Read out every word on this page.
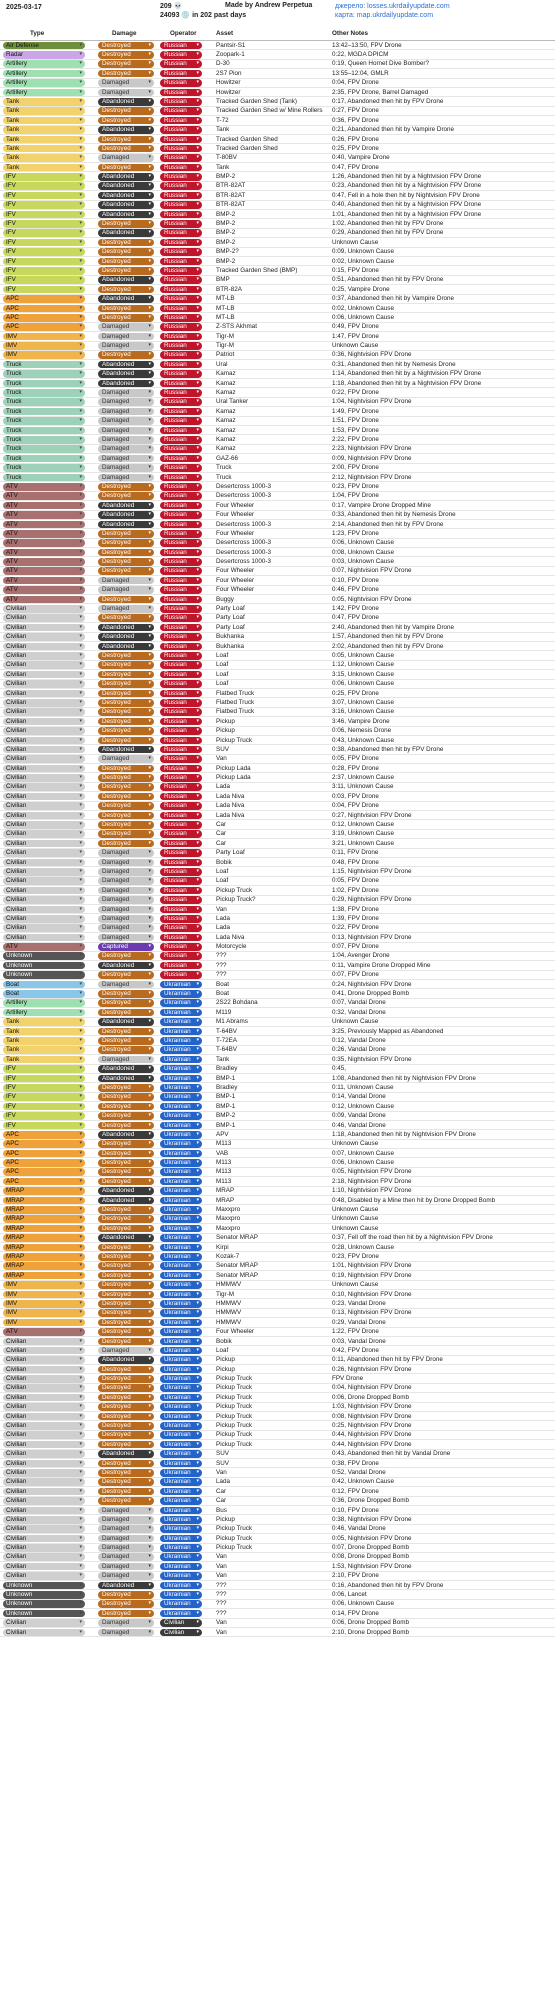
2025-03-17	209 💀
24093 💿 in 202 past days
Made by Andrew Perpetua	джерело: losses.ukrdailyupdate.com
карта: map.ukrdailyupdate.com
Type	Damage	Operator	Asset	Other Notes
Air Defense	▾	Destroyed	▾	Russian ▾	Pantsir-S1	13:42–13:50, FPV Drone
Radar	▾	Destroyed	▾	Russian ▾	Zoopark-1	0:22, MGDA DPICM
Artillery	▾	Destroyed	▾	Russian ▾	D-30	0:19, Queen Hornet Dive Bomber?
Artillery	▾	Destroyed	▾	Russian ▾	2S7 Pion	13:55–12:04, GMLR
Artillery	▾	Damaged	▾	Russian ▾	Howitzer	0:04, FPV Drone
Artillery	▾	Damaged	▾	Russian ▾	Howitzer	2:35, FPV Drone, Barrel Damaged
Tank	▾	Abandoned	▾	Russian ▾	Tracked Garden Shed (Tank)	0:17, Abandoned then hit by FPV Drone
Tank	▾	Destroyed	▾	Russian ▾	Tracked Garden Shed w/ Mine Rollers	0:27, FPV Drone
Tank	▾	Destroyed	▾	Russian ▾	T-72	0:36, FPV Drone
Tank	▾	Abandoned	▾	Russian ▾	Tank	0:21, Abandoned then hit by Vampire Drone
Tank	▾	Destroyed	▾	Russian ▾	Tracked Garden Shed	0:26, FPV Drone
Tank	▾	Destroyed	▾	Russian ▾	Tracked Garden Shed	0:25, FPV Drone
Tank	▾	Damaged	▾	Russian ▾	T-80BV	0:40, Vampire Drone
Tank	▾	Destroyed	▾	Russian ▾	Tank	0:47, FPV Drone
IFV	▾	Abandoned	▾	Russian ▾	BMP-2	1:26, Abandoned then hit by a Nightvision FPV Drone
IFV	▾	Abandoned	▾	Russian ▾	BTR-82AT	0:23, Abandoned then hit by a Nightvision FPV Drone
IFV	▾	Abandoned	▾	Russian ▾	BTR-82AT	0:47, Fell in a hole then hit by Nightvision FPV Drone
IFV	▾	Abandoned	▾	Russian ▾	BTR-82AT	0:40, Abandoned then hit by a Nightvision FPV Drone
IFV	▾	Abandoned	▾	Russian ▾	BMP-2	1:01, Abandoned then hit by a Nightvision FPV Drone
IFV	▾	Destroyed	▾	Russian ▾	BMP-2	1:02, Abandoned then hit by FPV Drone
IFV	▾	Abandoned	▾	Russian ▾	BMP-2	0:29, Abandoned then hit by FPV Drone
IFV	▾	Destroyed	▾	Russian ▾	BMP-2	Unknown Cause
IFV	▾	Destroyed	▾	Russian ▾	BMP-2?	0:09, Unknown Cause
IFV	▾	Destroyed	▾	Russian ▾	BMP-2	0:02, Unknown Cause
IFV	▾	Destroyed	▾	Russian ▾	Tracked Garden Shed (BMP)	0:15, FPV Drone
IFV	▾	Abandoned	▾	Russian ▾	BMP	0:51, Abandoned then hit by FPV Drone
IFV	▾	Destroyed	▾	Russian ▾	BTR-82A	0:25, Vampire Drone
APC	▾	Abandoned	▾	Russian ▾	MT-LB	0:37, Abandoned then hit by Vampire Drone
APC	▾	Destroyed	▾	Russian ▾	MT-LB	0:02, Unknown Cause
APC	▾	Destroyed	▾	Russian ▾	MT-LB	0:06, Unknown Cause
APC	▾	Damaged	▾	Russian ▾	Z-STS Akhmat	0:49, FPV Drone
IMV	▾	Damaged	▾	Russian ▾	Tigr-M	1:47, FPV Drone
IMV	▾	Damaged	▾	Russian ▾	Tigr-M	Unknown Cause
IMV	▾	Destroyed	▾	Russian ▾	Patriot	0:36, Nightvision FPV Drone
Truck	▾	Abandoned	▾	Russian ▾	Ural	0:31, Abandoned then hit by Nemesis Drone
Truck	▾	Abandoned	▾	Russian ▾	Kamaz	1:14, Abandoned then hit by a Nightvision FPV Drone
Truck	▾	Abandoned	▾	Russian ▾	Kamaz	1:18, Abandoned then hit by a Nightvision FPV Drone
Truck	▾	Damaged	▾	Russian ▾	Kamaz	0:22, FPV Drone
Truck	▾	Damaged	▾	Russian ▾	Ural Tanker	1:04, Nightvision FPV Drone
Truck	▾	Damaged	▾	Russian ▾	Kamaz	1:49, FPV Drone
Truck	▾	Damaged	▾	Russian ▾	Kamaz	1:51, FPV Drone
Truck	▾	Damaged	▾	Russian ▾	Kamaz	1:53, FPV Drone
Truck	▾	Damaged	▾	Russian ▾	Kamaz	2:22, FPV Drone
Truck	▾	Damaged	▾	Russian ▾	Kamaz	2:23, Nightvision FPV Drone
Truck	▾	Damaged	▾	Russian ▾	GAZ-66	0:09, Nightvision FPV Drone
Truck	▾	Damaged	▾	Russian ▾	Truck	2:00, FPV Drone
Truck	▾	Damaged	▾	Russian ▾	Truck	2:12, Nightvision FPV Drone
ATV	▾	Destroyed	▾	Russian ▾	Desertcross 1000-3	0:23, FPV Drone
ATV	▾	Destroyed	▾	Russian ▾	Desertcross 1000-3	1:04, FPV Drone
ATV	▾	Abandoned	▾	Russian ▾	Four Wheeler	0:17, Vampire Drone Dropped Mine
ATV	▾	Abandoned	▾	Russian ▾	Four Wheeler	0:33, Abandoned then hit by Nemesis Drone
ATV	▾	Abandoned	▾	Russian ▾	Desertcross 1000-3	2:14, Abandoned then hit by FPV Drone
ATV	▾	Destroyed	▾	Russian ▾	Four Wheeler	1:23, FPV Drone
ATV	▾	Destroyed	▾	Russian ▾	Desertcross 1000-3	0:06, Unknown Cause
ATV	▾	Destroyed	▾	Russian ▾	Desertcross 1000-3	0:08, Unknown Cause
ATV	▾	Destroyed	▾	Russian ▾	Desertcross 1000-3	0:03, Unknown Cause
ATV	▾	Destroyed	▾	Russian ▾	Four Wheeler	0:07, Nightvision FPV Drone
ATV	▾	Damaged	▾	Russian ▾	Four Wheeler	0:10, FPV Drone
ATV	▾	Damaged	▾	Russian ▾	Four Wheeler	0:46, FPV Drone
ATV	▾	Destroyed	▾	Russian ▾	Buggy	0:05, Nightvision FPV Drone
Civilian	▾	Damaged	▾	Russian ▾	Party Loaf	1:42, FPV Drone
Civilian	▾	Destroyed	▾	Russian ▾	Party Loaf	0:47, FPV Drone
Civilian	▾	Abandoned	▾	Russian ▾	Party Loaf	2:40, Abandoned then hit by Vampire Drone
Civilian	▾	Abandoned	▾	Russian ▾	Bukhanka	1:57, Abandoned then hit by FPV Drone
Civilian	▾	Abandoned	▾	Russian ▾	Bukhanka	2:02, Abandoned then hit by FPV Drone
Civilian	▾	Destroyed	▾	Russian ▾	Loaf	0:05, Unknown Cause
Civilian	▾	Destroyed	▾	Russian ▾	Loaf	1:12, Unknown Cause
Civilian	▾	Destroyed	▾	Russian ▾	Loaf	3:15, Unknown Cause
Civilian	▾	Destroyed	▾	Russian ▾	Loaf	0:06, Unknown Cause
Civilian	▾	Destroyed	▾	Russian ▾	Flatbed Truck	0:25, FPV Drone
Civilian	▾	Destroyed	▾	Russian ▾	Flatbed Truck	3:07, Unknown Cause
Civilian	▾	Destroyed	▾	Russian ▾	Flatbed Truck	3:16, Unknown Cause
Civilian	▾	Destroyed	▾	Russian ▾	Pickup	3:46, Vampire Drone
Civilian	▾	Destroyed	▾	Russian ▾	Pickup	0:06, Nemesis Drone
Civilian	▾	Destroyed	▾	Russian ▾	Pickup Truck	0:43, Unknown Cause
Civilian	▾	Abandoned	▾	Russian ▾	SUV	0:38, Abandoned then hit by FPV Drone
Civilian	▾	Damaged	▾	Russian ▾	Van	0:05, FPV Drone
Civilian	▾	Destroyed	▾	Russian ▾	Pickup Lada	0:28, FPV Drone
Civilian	▾	Destroyed	▾	Russian ▾	Pickup Lada	2:37, Unknown Cause
Civilian	▾	Destroyed	▾	Russian ▾	Lada	3:11, Unknown Cause
Civilian	▾	Destroyed	▾	Russian ▾	Lada Niva	0:03, FPV Drone
Civilian	▾	Destroyed	▾	Russian ▾	Lada Niva	0:04, FPV Drone
Civilian	▾	Destroyed	▾	Russian ▾	Lada Niva	0:27, Nightvision FPV Drone
Civilian	▾	Destroyed	▾	Russian ▾	Car	0:12, Unknown Cause
Civilian	▾	Destroyed	▾	Russian ▾	Car	3:19, Unknown Cause
Civilian	▾	Destroyed	▾	Russian ▾	Car	3:21, Unknown Cause
Civilian	▾	Damaged	▾	Russian ▾	Party Loaf	0:11, FPV Drone
Civilian	▾	Damaged	▾	Russian ▾	Bobik	0:48, FPV Drone
Civilian	▾	Damaged	▾	Russian ▾	Loaf	1:15, Nightvision FPV Drone
Civilian	▾	Damaged	▾	Russian ▾	Loaf	0:05, FPV Drone
Civilian	▾	Damaged	▾	Russian ▾	Pickup Truck	1:02, FPV Drone
Civilian	▾	Damaged	▾	Russian ▾	Pickup Truck?	0:29, Nightvision FPV Drone
Civilian	▾	Damaged	▾	Russian ▾	Van	1:38, FPV Drone
Civilian	▾	Damaged	▾	Russian ▾	Lada	1:39, FPV Drone
Civilian	▾	Damaged	▾	Russian ▾	Lada	0:22, FPV Drone
Civilian	▾	Damaged	▾	Russian ▾	Lada Niva	0:13, Nightvision FPV Drone
ATV	▾	Captured	▾	Russian ▾	Motorcycle	0:07, FPV Drone
Unknown	▾	Destroyed	▾	Russian ▾	???	1:04, Avenger Drone
Unknown	▾	Abandoned	▾	Russian ▾	???	0:11, Vampire Drone Dropped Mine
Unknown	▾	Destroyed	▾	Russian ▾	???	0:07, FPV Drone
Boat	▾	Damaged	▾	Ukrainian ▾	Boat	0:24, Nightvision FPV Drone
Boat	▾	Destroyed	▾	Ukrainian ▾	Boat	0:41, Drone Dropped Bomb
Artillery	▾	Destroyed	▾	Ukrainian ▾	2S22 Bohdana	0:07, Vandal Drone
Artillery	▾	Destroyed	▾	Ukrainian ▾	M119	0:32, Vandal Drone
Tank	▾	Abandoned	▾	Ukrainian ▾	M1 Abrams	Unknown Cause
Tank	▾	Destroyed	▾	Ukrainian ▾	T-64BV	3:25, Previously Mapped as Abandoned
Tank	▾	Destroyed	▾	Ukrainian ▾	T-72EA	0:12, Vandal Drone
Tank	▾	Destroyed	▾	Ukrainian ▾	T-64BV	0:26, Vandal Drone
Tank	▾	Damaged	▾	Ukrainian ▾	Tank	0:35, Nightvision FPV Drone
IFV	▾	Abandoned	▾	Ukrainian ▾	Bradley	0:45,
IFV	▾	Abandoned	▾	Ukrainian ▾	BMP-1	1:08, Abandoned then hit by Nightvision FPV Drone
IFV	▾	Destroyed	▾	Ukrainian ▾	Bradley	0:11, Unknown Cause
IFV	▾	Destroyed	▾	Ukrainian ▾	BMP-1	0:14, Vandal Drone
IFV	▾	Destroyed	▾	Ukrainian ▾	BMP-1	0:12, Unknown Cause
IFV	▾	Destroyed	▾	Ukrainian ▾	BMP-2	0:09, Vandal Drone
IFV	▾	Destroyed	▾	Ukrainian ▾	BMP-1	0:46, Vandal Drone
APC	▾	Abandoned	▾	Ukrainian ▾	APV	1:18, Abandoned then hit by Nightvision FPV Drone
APC	▾	Destroyed	▾	Ukrainian ▾	M113	Unknown Cause
APC	▾	Destroyed	▾	Ukrainian ▾	VAB	0:07, Unknown Cause
APC	▾	Destroyed	▾	Ukrainian ▾	M113	0:06, Unknown Cause
APC	▾	Destroyed	▾	Ukrainian ▾	M113	0:05, Nightvision FPV Drone
APC	▾	Destroyed	▾	Ukrainian ▾	M113	2:18, Nightvision FPV Drone
MRAP	▾	Abandoned	▾	Ukrainian ▾	MRAP	1:10, Nightvision FPV Drone
MRAP	▾	Abandoned	▾	Ukrainian ▾	MRAP	0:48, Disabled by a Mine then hit by Drone Dropped Bomb
MRAP	▾	Destroyed	▾	Ukrainian ▾	Maxxpro	Unknown Cause
MRAP	▾	Destroyed	▾	Ukrainian ▾	Maxxpro	Unknown Cause
MRAP	▾	Destroyed	▾	Ukrainian ▾	Maxxpro	Unknown Cause
MRAP	▾	Abandoned	▾	Ukrainian ▾	Senator MRAP	0:37, Fell off the road then hit by a Nightvision FPV Drone
MRAP	▾	Destroyed	▾	Ukrainian ▾	Kirpi	0:28, Unknown Cause
MRAP	▾	Destroyed	▾	Ukrainian ▾	Kozak-7	0:23, FPV Drone
MRAP	▾	Destroyed	▾	Ukrainian ▾	Senator MRAP	1:01, Nightvision FPV Drone
MRAP	▾	Destroyed	▾	Ukrainian ▾	Senator MRAP	0:19, Nightvision FPV Drone
IMV	▾	Destroyed	▾	Ukrainian ▾	HMMWV	Unknown Cause
IMV	▾	Destroyed	▾	Ukrainian ▾	Tigr-M	0:10, Nightvision FPV Drone
IMV	▾	Destroyed	▾	Ukrainian ▾	HMMWV	0:23, Vandal Drone
IMV	▾	Destroyed	▾	Ukrainian ▾	HMMWV	0:13, Nightvision FPV Drone
IMV	▾	Destroyed	▾	Ukrainian ▾	HMMWV	0:29, Vandal Drone
ATV	▾	Destroyed	▾	Ukrainian ▾	Four Wheeler	1:22, FPV Drone
Civilian	▾	Destroyed	▾	Ukrainian ▾	Bobik	0:03, Vandal Drone
Civilian	▾	Damaged	▾	Ukrainian ▾	Loaf	0:42, FPV Drone
Civilian	▾	Abandoned	▾	Ukrainian ▾	Pickup	0:11, Abandoned then hit by FPV Drone
Civilian	▾	Destroyed	▾	Ukrainian ▾	Pickup	0:26, Nightvision FPV Drone
Civilian	▾	Destroyed	▾	Ukrainian ▾	Pickup Truck	FPV Drone
Civilian	▾	Destroyed	▾	Ukrainian ▾	Pickup Truck	0:04, Nightvision FPV Drone
Civilian	▾	Destroyed	▾	Ukrainian ▾	Pickup Truck	0:06, Drone Dropped Bomb
Civilian	▾	Destroyed	▾	Ukrainian ▾	Pickup Truck	1:03, Nightvision FPV Drone
Civilian	▾	Destroyed	▾	Ukrainian ▾	Pickup Truck	0:08, Nightvision FPV Drone
Civilian	▾	Destroyed	▾	Ukrainian ▾	Pickup Truck	0:25, Nightvision FPV Drone
Civilian	▾	Destroyed	▾	Ukrainian ▾	Pickup Truck	0:44, Nightvision FPV Drone
Civilian	▾	Destroyed	▾	Ukrainian ▾	Pickup Truck	0:44, Nightvision FPV Drone
Civilian	▾	Abandoned	▾	Ukrainian ▾	SUV	0:43, Abandoned then hit by Vandal Drone
Civilian	▾	Destroyed	▾	Ukrainian ▾	SUV	0:38, FPV Drone
Civilian	▾	Destroyed	▾	Ukrainian ▾	Van	0:52, Vandal Drone
Civilian	▾	Destroyed	▾	Ukrainian ▾	Lada	0:42, Unknown Cause
Civilian	▾	Destroyed	▾	Ukrainian ▾	Car	0:12, FPV Drone
Civilian	▾	Destroyed	▾	Ukrainian ▾	Car	0:36, Drone Dropped Bomb
Civilian	▾	Damaged	▾	Ukrainian ▾	Bus	0:10, FPV Drone
Civilian	▾	Damaged	▾	Ukrainian ▾	Pickup	0:38, Nightvision FPV Drone
Civilian	▾	Damaged	▾	Ukrainian ▾	Pickup Truck	0:46, Vandal Drone
Civilian	▾	Damaged	▾	Ukrainian ▾	Pickup Truck	0:05, Nightvision FPV Drone
Civilian	▾	Damaged	▾	Ukrainian ▾	Pickup Truck	0:07, Drone Dropped Bomb
Civilian	▾	Damaged	▾	Ukrainian ▾	Van	0:08, Drone Dropped Bomb
Civilian	▾	Damaged	▾	Ukrainian ▾	Van	1:53, Nightvision FPV Drone
Civilian	▾	Damaged	▾	Ukrainian ▾	Van	2:10, FPV Drone
Unknown	▾	Abandoned	▾	Ukrainian ▾	???	0:16, Abandoned then hit by FPV Drone
Unknown	▾	Destroyed	▾	Ukrainian ▾	???	0:06, Lancet
Unknown	▾	Destroyed	▾	Ukrainian ▾	???	0:06, Unknown Cause
Unknown	▾	Destroyed	▾	Ukrainian ▾	???	0:14, FPV Drone
Civilian	▾	Damaged	▾	Civilian ▾	Van	0:06, Drone Dropped Bomb
Civilian	▾	Damaged	▾	Civilian ▾	Van	2:10, Drone Dropped Bomb
